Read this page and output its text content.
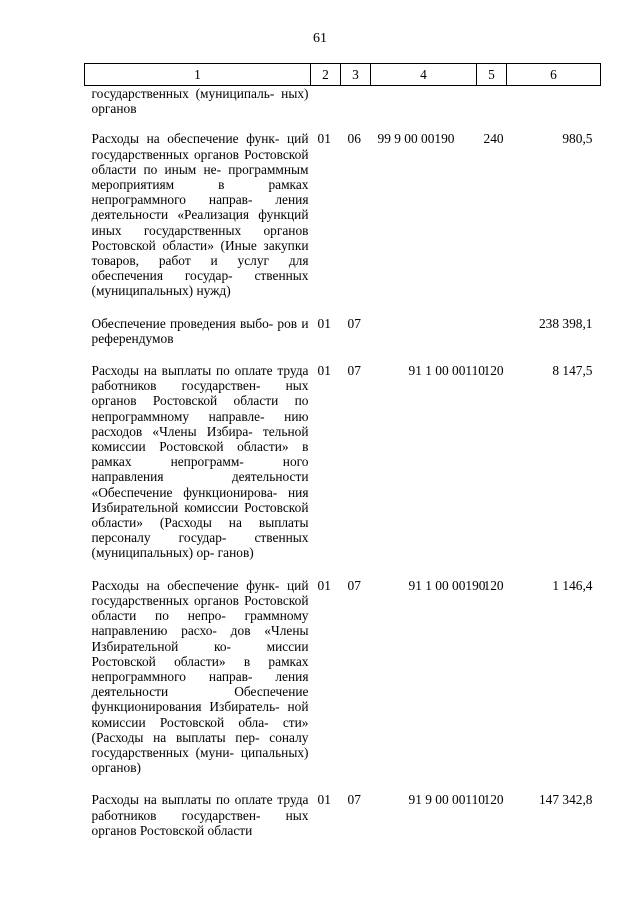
61
1	2	3	4	5	6
государственных (муниципаль- ных) органов					
Расходы на обеспечение функ- ций государственных органов Ростовской области по иным не- программным мероприятиям в рамках непрограммного направ- ления деятельности «Реализация функций иных государственных органов Ростовской области» (Иные закупки товаров, работ и услуг для обеспечения государ- ственных (муниципальных) нужд)	01	06	99 9 00 00190	240	980,5
Обеспечение проведения выбо- ров и референдумов	01	07			238 398,1
Расходы на выплаты по оплате труда работников государствен- ных органов Ростовской области по непрограммному направле- нию расходов «Члены Избира- тельной комиссии Ростовской области» в рамках непрограмм- ного направления деятельности «Обеспечение функционирова- ния Избирательной комиссии Ростовской области» (Расходы на выплаты персоналу государ- ственных (муниципальных) ор- ганов)	01	07	91 1 00 00110	120	8 147,5
Расходы на обеспечение функ- ций государственных органов Ростовской области по непро- граммному направлению расхо- дов «Члены Избирательной ко- миссии Ростовской области» в рамках непрограммного направ- ления деятельности Обеспечение функционирования Избиратель- ной комиссии Ростовской обла- сти» (Расходы на выплаты пер- соналу государственных (муни- ципальных) органов)	01	07	91 1 00 00190	120	1 146,4
Расходы на выплаты по оплате труда работников государствен- ных органов Ростовской области	01	07	91 9 00 00110	120	147 342,8
